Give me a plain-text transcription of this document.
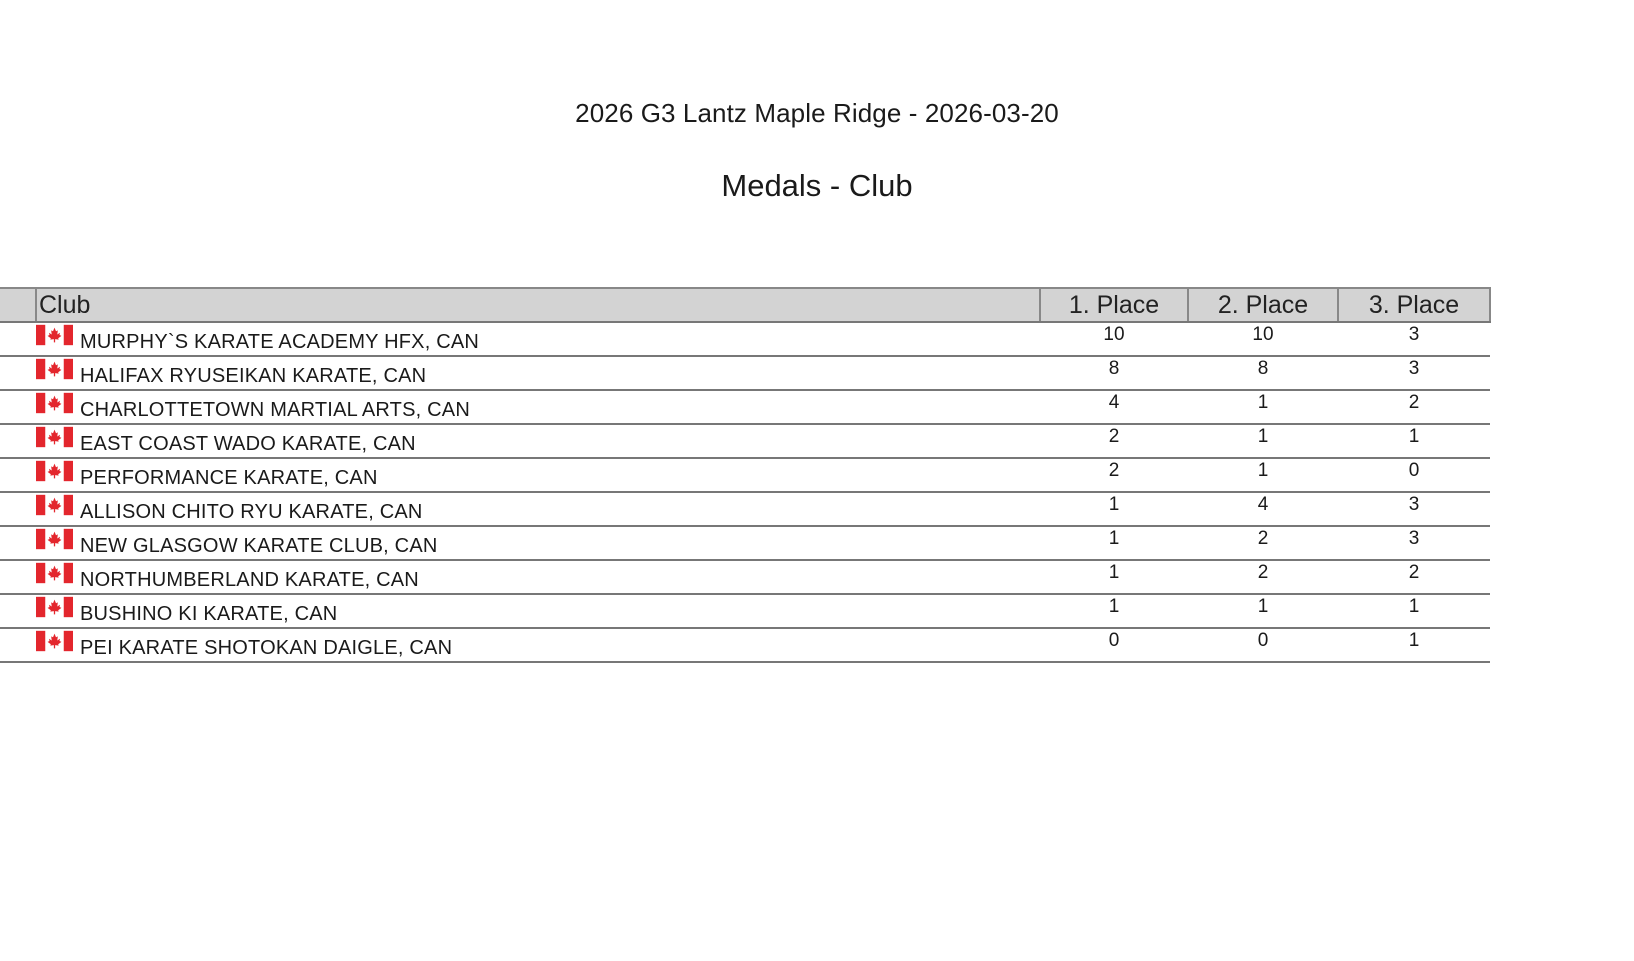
2026 G3 Lantz Maple Ridge - 2026-03-20
Medals - Club
	Club	1. Place	2. Place	3. Place

	MURPHY`S KARATE ACADEMY HFX, CAN	10	10	3

	HALIFAX RYUSEIKAN KARATE, CAN	8	8	3

	CHARLOTTETOWN MARTIAL ARTS, CAN	4	1	2

	EAST COAST WADO KARATE, CAN	2	1	1

	PERFORMANCE KARATE, CAN	2	1	0

	ALLISON CHITO RYU KARATE, CAN	1	4	3

	NEW GLASGOW KARATE CLUB, CAN	1	2	3

	NORTHUMBERLAND KARATE, CAN	1	2	2

	BUSHINO KI KARATE, CAN	1	1	1

	PEI KARATE SHOTOKAN DAIGLE, CAN	0	0	1
